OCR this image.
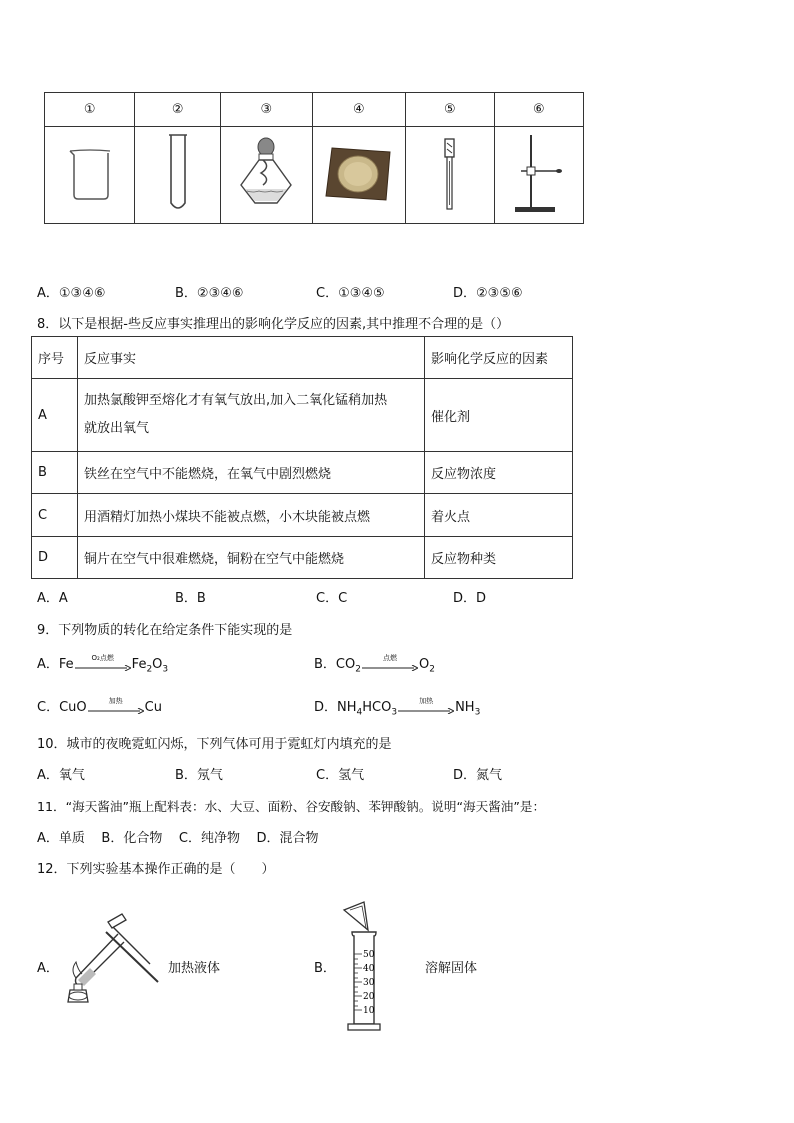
①	②	③	④	⑤	⑥

A．①③④⑥	B．②③④⑥	C．①③④⑤	D．②③⑤⑥
8．以下是根据-些反应事实推理出的影响化学反应的因素,其中推理不合理的是（）
序号	反应事实	影响化学反应的因素
A	加热氯酸钾至熔化才有氧气放出,加入二氧化锰稍加热
就放出氧气	催化剂
B	铁丝在空气中不能燃烧，在氧气中剧烈燃烧	反应物浓度
C	用酒精灯加热小煤块不能被点燃，小木块能被点燃	着火点
D	铜片在空气中很难燃烧，铜粉在空气中能燃烧	反应物种类
A．A	B．B	C．C	D．D
9．下列物质的转化在给定条件下能实现的是
A．Fe	O₂点燃	$Fe_2O_3$	B．$CO_2$
点燃	$O_2$
C．CuO	加热	Cu	D．$NH_4HCO_3$
加热	$NH_3$
10．城市的夜晚霓虹闪烁，下列气体可用于霓虹灯内填充的是
A．氧气	B．氖气	C．氢气	D．氮气
11．“海天酱油”瓶上配料表：水、大豆、面粉、谷安酸钠、苯钾酸钠。说明“海天酱油”是：
A．单质    B．化合物    C．纯净物    D．混合物
12．下列实验基本操作正确的是（　　）
A．	加热液体	B．
50
40
30
20
10
溶解固体
